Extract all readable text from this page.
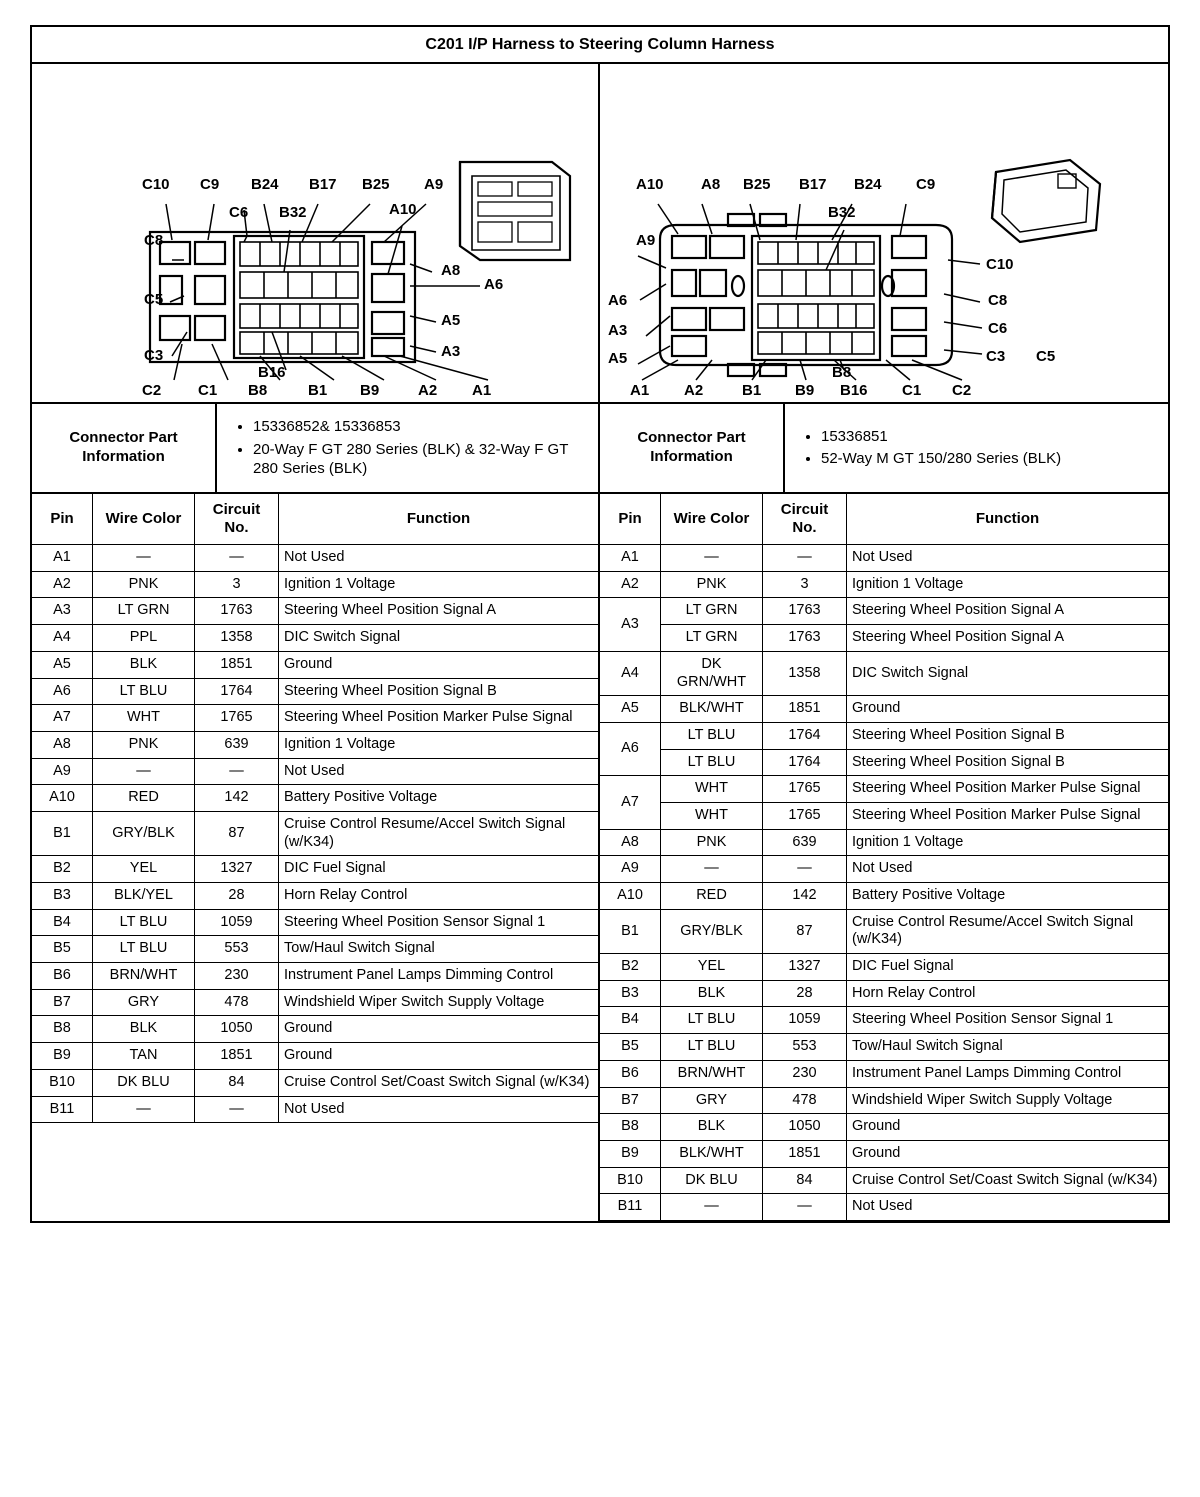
C201 I/P Harness to Steering Column Harness
C10 C9 B24 B17 B25 A9
C6 B32	A10
C8
A8
C5
A6
A5
C3	A3
B16
C2 C1 B8	B1 B9	A2 A1
A10 A8 B25 B17 B24 C9
B32
A9
C10
A6	C8
A3	C6
A5	C3 C5
B8
A1 A2	B1 B9 B16 C1 C2
Connector Part Information
• 15336852& 15336853
• 20-Way F GT 280 Series (BLK) & 32-Way F GT 280 Series (BLK)
Connector Part Information
• 15336851
• 52-Way M GT 150/280 Series (BLK)
Pin	Wire Color	Circuit No.	Function
A1	—	—	Not Used
A2	PNK	3	Ignition 1 Voltage
A3	LT GRN	1763	Steering Wheel Position Signal A
A4	PPL	1358	DIC Switch Signal
A5	BLK	1851	Ground
A6	LT BLU	1764	Steering Wheel Position Signal B
A7	WHT	1765	Steering Wheel Position Marker Pulse Signal
A8	PNK	639	Ignition 1 Voltage
A9	—	—	Not Used
A10	RED	142	Battery Positive Voltage
B1	GRY/BLK	87	Cruise Control Resume/Accel Switch Signal (w/K34)
B2	YEL	1327	DIC Fuel Signal
B3	BLK/YEL	28	Horn Relay Control
B4	LT BLU	1059	Steering Wheel Position Sensor Signal 1
B5	LT BLU	553	Tow/Haul Switch Signal
B6	BRN/WHT	230	Instrument Panel Lamps Dimming Control
B7	GRY	478	Windshield Wiper Switch Supply Voltage
B8	BLK	1050	Ground
B9	TAN	1851	Ground
B10	DK BLU	84	Cruise Control Set/Coast Switch Signal (w/K34)
B11	—	—	Not Used
Pin	Wire Color	Circuit No.	Function
A1	—	—	Not Used
A2	PNK	3	Ignition 1 Voltage
A3	LT GRN	1763	Steering Wheel Position Signal A
	LT GRN	1763	Steering Wheel Position Signal A
A4	DK GRN/WHT	1358	DIC Switch Signal
A5	BLK/WHT	1851	Ground
A6	LT BLU	1764	Steering Wheel Position Signal B
	LT BLU	1764	Steering Wheel Position Signal B
A7	WHT	1765	Steering Wheel Position Marker Pulse Signal
	WHT	1765	Steering Wheel Position Marker Pulse Signal
A8	PNK	639	Ignition 1 Voltage
A9	—	—	Not Used
A10	RED	142	Battery Positive Voltage
B1	GRY/BLK	87	Cruise Control Resume/Accel Switch Signal (w/K34)
B2	YEL	1327	DIC Fuel Signal
B3	BLK	28	Horn Relay Control
B4	LT BLU	1059	Steering Wheel Position Sensor Signal 1
B5	LT BLU	553	Tow/Haul Switch Signal
B6	BRN/WHT	230	Instrument Panel Lamps Dimming Control
B7	GRY	478	Windshield Wiper Switch Supply Voltage
B8	BLK	1050	Ground
B9	BLK/WHT	1851	Ground
B10	DK BLU	84	Cruise Control Set/Coast Switch Signal (w/K34)
B11	—	—	Not Used
